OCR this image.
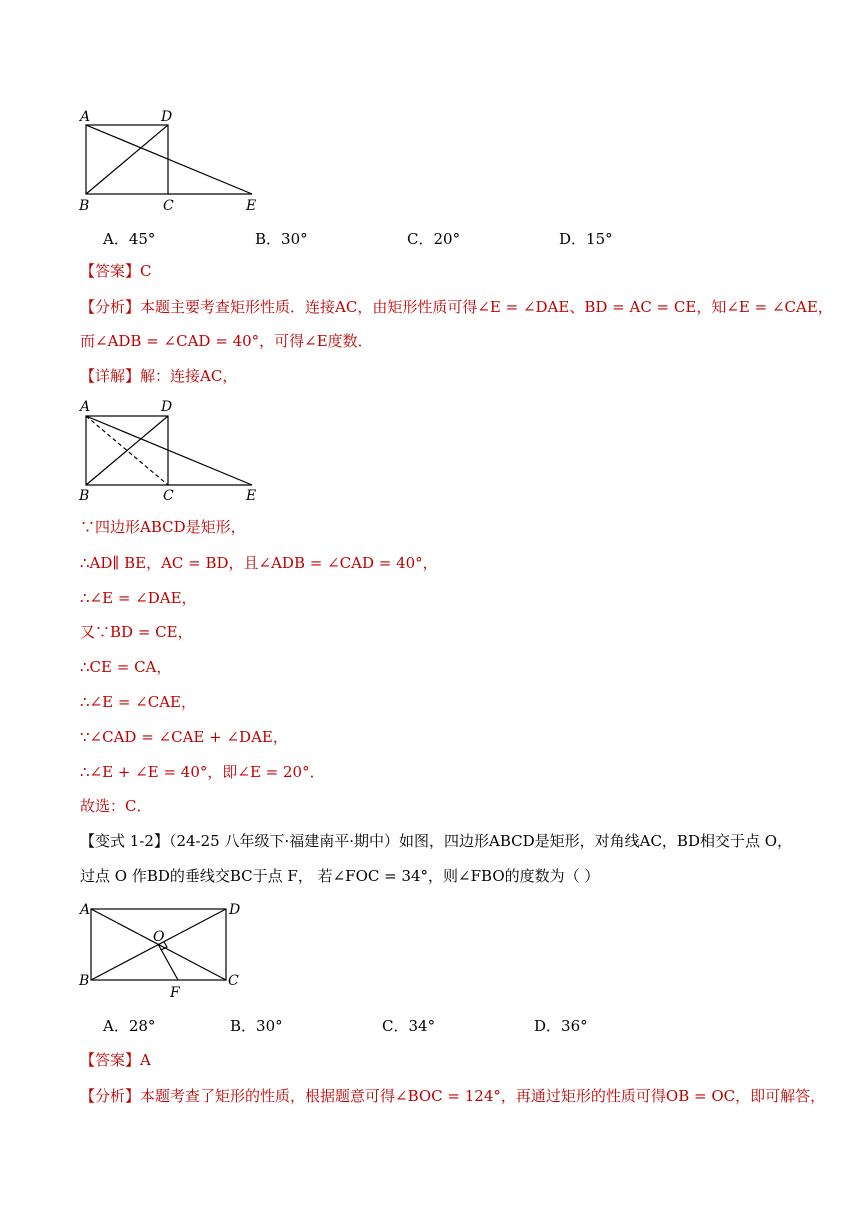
A	D
B	C	E
A．45°	B．30°	C．20°	D．15°
【答案】C
【分析】本题主要考查矩形性质．连接AC，由矩形性质可得∠E = ∠DAE、BD = AC = CE，知∠E = ∠CAE，
而∠ADB = ∠CAD = 40°，可得∠E度数．
【详解】解：连接AC，
A	D
B	C	E
∵四边形ABCD是矩形，
∴AD∥ BE，AC = BD，且∠ADB = ∠CAD = 40°，
∴∠E = ∠DAE，
又∵BD = CE，
∴CE = CA，
∴∠E = ∠CAE，
∵∠CAD = ∠CAE + ∠DAE，
∴∠E + ∠E = 40°，即∠E = 20°．
故选：C．
【变式 1-2】（24-25 八年级下·福建南平·期中）如图，四边形ABCD是矩形，对角线AC，BD相交于点 O，
过点 O 作BD的垂线交BC于点 F， 若∠FOC = 34°，则∠FBO的度数为（ ）
A	D
O
B	C
F
A．28°	B．30°	C．34°	D．36°
【答案】A
【分析】本题考查了矩形的性质，根据题意可得∠BOC = 124°，再通过矩形的性质可得OB = OC，即可解答，
